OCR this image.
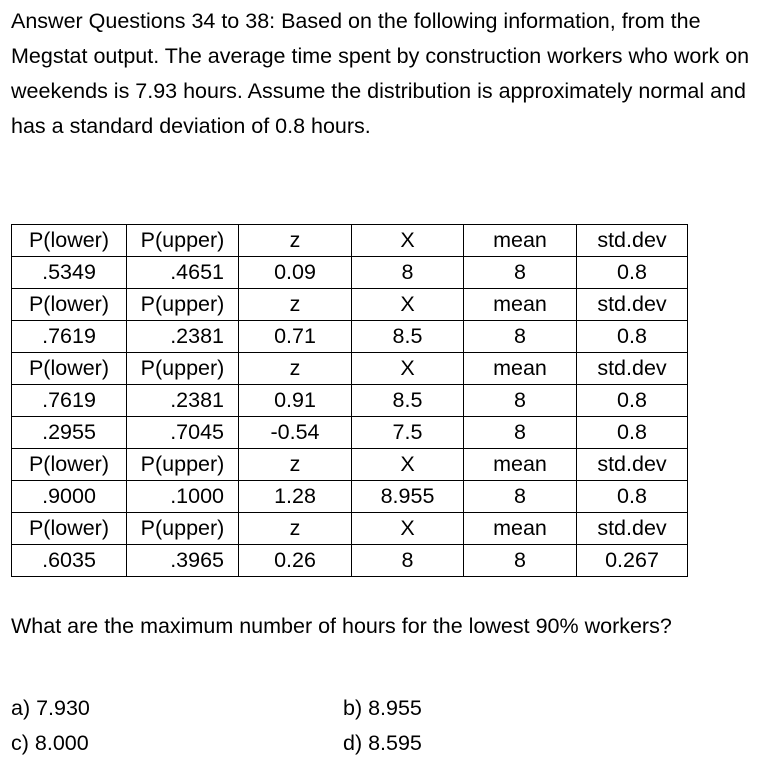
Answer Questions 34 to 38: Based on the following information, from the Megstat output. The average time spent by construction workers who work on weekends is 7.93 hours. Assume the distribution is approximately normal and has a standard deviation of 0.8 hours.

P(lower)	P(upper)	z	X	mean	std.dev
.5349	.4651	0.09	8	8	0.8
P(lower)	P(upper)	z	X	mean	std.dev
.7619	.2381	0.71	8.5	8	0.8
P(lower)	P(upper)	z	X	mean	std.dev
.7619	.2381	0.91	8.5	8	0.8
.2955	.7045	-0.54	7.5	8	0.8
P(lower)	P(upper)	z	X	mean	std.dev
.9000	.1000	1.28	8.955	8	0.8
P(lower)	P(upper)	z	X	mean	std.dev
.6035	.3965	0.26	8	8	0.267

What are the maximum number of hours for the lowest 90% workers?

a) 7.930	b) 8.955
c) 8.000	d) 8.595
